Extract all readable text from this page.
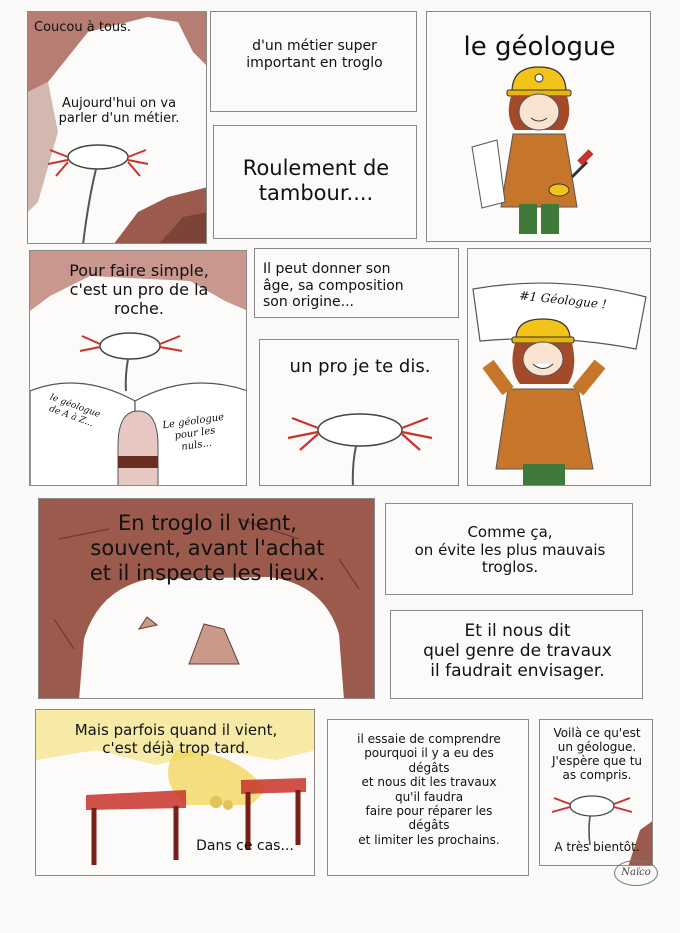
Coucou à tous.
Aujourd'hui on va
parler d'un métier.
d'un métier super
important en troglo
Roulement de
tambour....
le géologue
Pour faire simple,
c'est un pro de la
roche.
le géologue
de A à Z...	Le géologue
pour les
nuls...
Il peut donner son
âge, sa composition
son origine...
un pro je te dis.
#1 Géologue !
En troglo il vient,
souvent, avant l'achat
et il inspecte les lieux.
Comme ça,
on évite les plus mauvais
troglos.
Et il nous dit
quel genre de travaux
il faudrait envisager.
Mais parfois quand il vient,
c'est déjà trop tard.
Dans ce cas...
il essaie de comprendre
pourquoi il y a eu des
dégâts
et nous dit les travaux
qu'il faudra
faire pour réparer les
dégâts
et limiter les prochains.
Voilà ce qu'est
un géologue.
J'espère que tu
as compris.
A très bientôt.
Naïco
